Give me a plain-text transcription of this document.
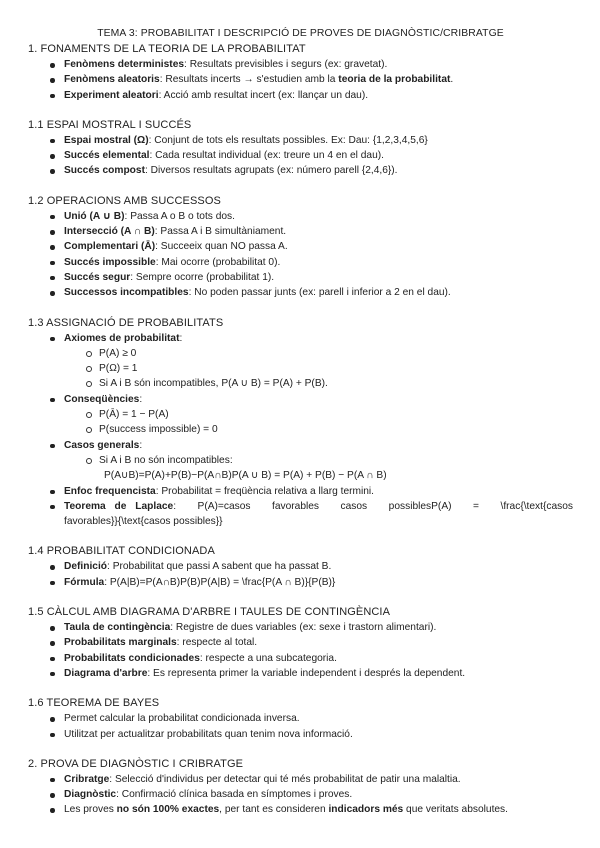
TEMA 3: PROBABILITAT I DESCRIPCIÓ DE PROVES DE DIAGNÒSTIC/CRIBRATGE
1. FONAMENTS DE LA TEORIA DE LA PROBABILITAT
Fenòmens deterministes: Resultats previsibles i segurs (ex: gravetat).
Fenòmens aleatoris: Resultats incerts → s'estudien amb la teoria de la probabilitat.
Experiment aleatori: Acció amb resultat incert (ex: llançar un dau).
1.1 ESPAI MOSTRAL I SUCCÉS
Espai mostral (Ω): Conjunt de tots els resultats possibles. Ex: Dau: {1,2,3,4,5,6}
Succés elemental: Cada resultat individual (ex: treure un 4 en el dau).
Succés compost: Diversos resultats agrupats (ex: número parell {2,4,6}).
1.2 OPERACIONS AMB SUCCESSOS
Unió (A ∪ B): Passa A o B o tots dos.
Intersecció (A ∩ B): Passa A i B simultàniament.
Complementari (Ā): Succeeix quan NO passa A.
Succés impossible: Mai ocorre (probabilitat 0).
Succés segur: Sempre ocorre (probabilitat 1).
Successos incompatibles: No poden passar junts (ex: parell i inferior a 2 en el dau).
1.3 ASSIGNACIÓ DE PROBABILITATS
Axiomes de probabilitat:
P(A) ≥ 0
P(Ω) = 1
Si A i B són incompatibles, P(A ∪ B) = P(A) + P(B).
Conseqüències:
P(Ā) = 1 − P(A)
P(success impossible) = 0
Casos generals:
Si A i B no són incompatibles:
P(A∪B)=P(A)+P(B)−P(A∩B)P(A ∪ B) = P(A) + P(B) − P(A ∩ B)
Enfoc frequencista: Probabilitat = freqüència relativa a llarg termini.
Teorema de Laplace : P(A)=casos favorables casos possiblesP(A) = \frac{\text{casos
favorables}}{\text{casos possibles}}
1.4 PROBABILITAT CONDICIONADA
Definició: Probabilitat que passi A sabent que ha passat B.
Fórmula: P(A|B)=P(A∩B)P(B)P(A|B) = \frac{P(A ∩ B)}{P(B)}
1.5 CÀLCUL AMB DIAGRAMA D'ARBRE I TAULES DE CONTINGÈNCIA
Taula de contingència: Registre de dues variables (ex: sexe i trastorn alimentari).
Probabilitats marginals: respecte al total.
Probabilitats condicionades: respecte a una subcategoria.
Diagrama d'arbre: Es representa primer la variable independent i després la dependent.
1.6 TEOREMA DE BAYES
Permet calcular la probabilitat condicionada inversa.
Utilitzat per actualitzar probabilitats quan tenim nova informació.
2. PROVA DE DIAGNÒSTIC I CRIBRATGE
Cribratge: Selecció d'individus per detectar qui té més probabilitat de patir una malaltia.
Diagnòstic: Confirmació clínica basada en símptomes i proves.
Les proves no són 100% exactes, per tant es consideren indicadors més que veritats absolutes.
